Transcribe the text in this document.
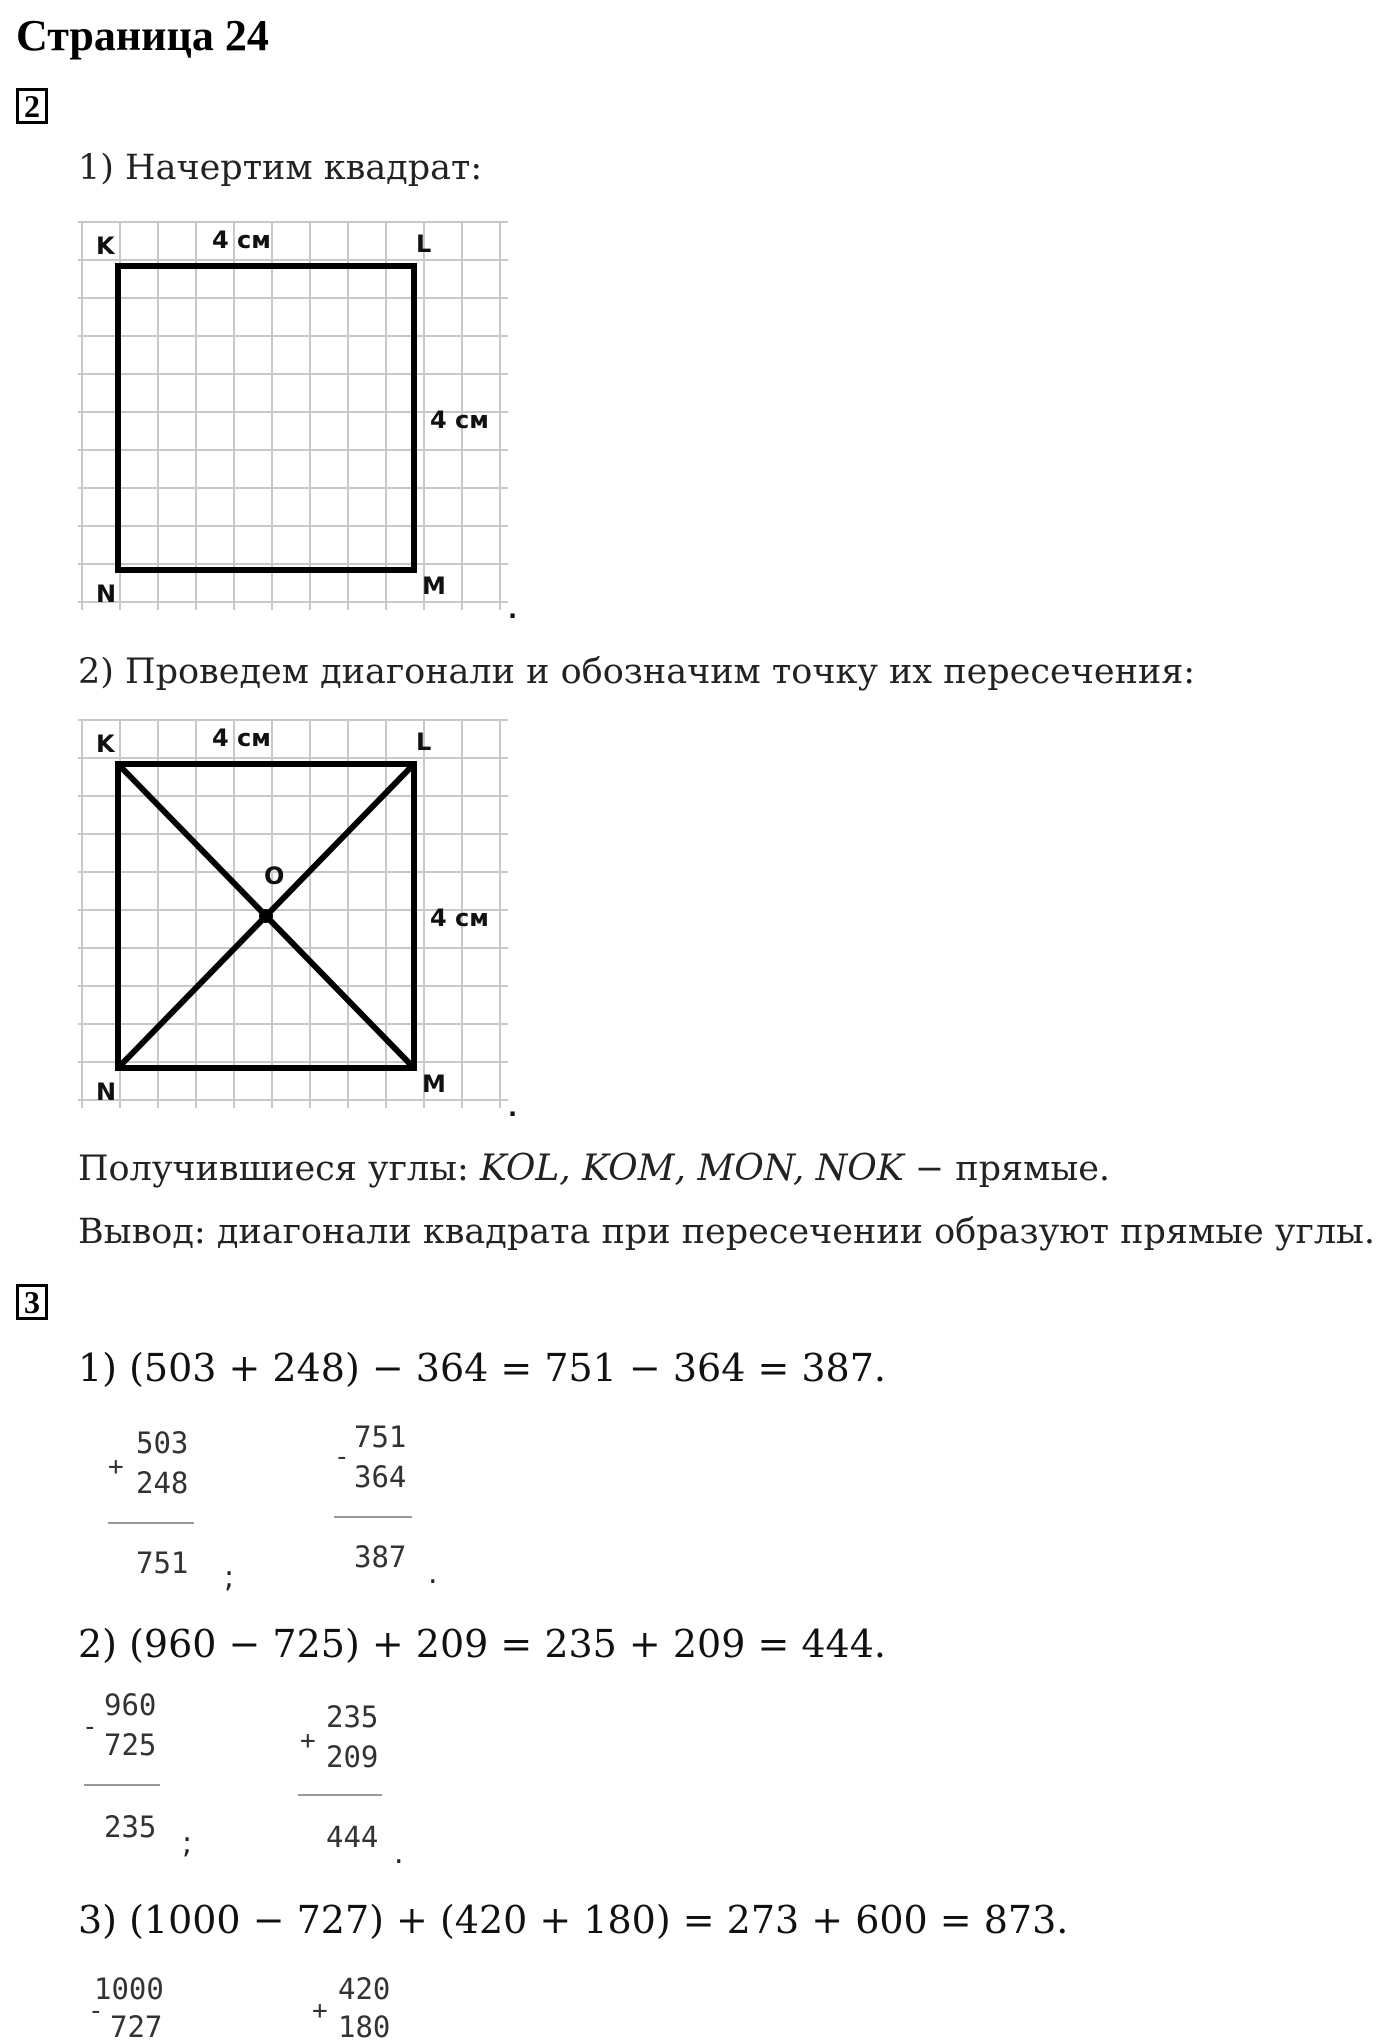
Страница 24
2
1) Начертим квадрат:
K	L
M
N
4 см
4 см
.
2) Проведем диагонали и обозначим точку их пересечения:
K	L
M
N
O
4 см
4 см
.
Получившиеся углы: KOL, KOM, MON, NOK − прямые.
Вывод: диагонали квадрата при пересечении образуют прямые углы.
3
1) (503 + 248) − 364 = 751 − 364 = 387.
+
503
248
751 ;
-
751
364
387 .
2) (960 − 725) + 209 = 235 + 209 = 444.
-
960
725
235 ;
+
235
209
444 .
3) (1000 − 727) + (420 + 180) = 273 + 600 = 873.
-
1000
727	+
420
180
